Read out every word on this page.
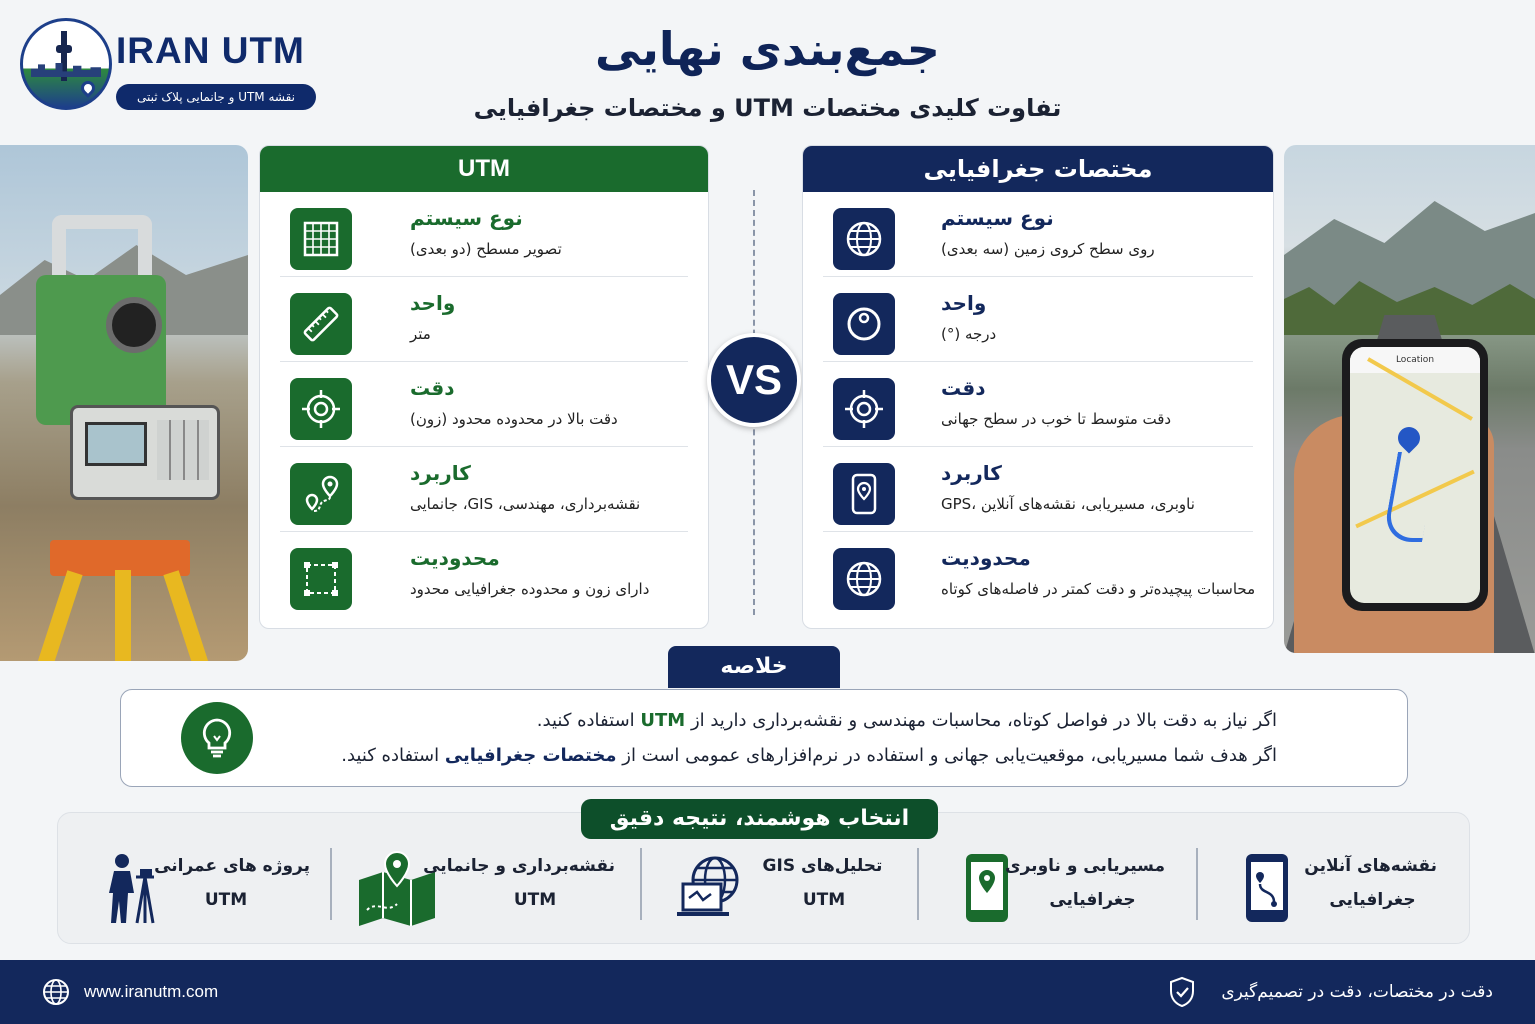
IRAN UTM
نقشه UTM و جانمایی پلاک ثبتی
جمع‌بندی نهایی
تفاوت کلیدی مختصات UTM و مختصات جغرافیایی
Location
UTM
نوع سیستم
تصویر مسطح (دو بعدی)
واحد
متر
دقت
دقت بالا در محدوده محدود (زون)
کاربرد
نقشه‌برداری، مهندسی، GIS، جانمایی
محدودیت
دارای زون و محدوده جغرافیایی محدود
VS
مختصات جغرافیایی
نوع سیستم
روی سطح کروی زمین (سه بعدی)
واحد
درجه (°)
دقت
دقت متوسط تا خوب در سطح جهانی
کاربرد
GPS، ناوبری، مسیریابی، نقشه‌های آنلاین
محدودیت
محاسبات پیچیده‌تر و دقت کمتر در فاصله‌های کوتاه
خلاصه
اگر نیاز به دقت بالا در فواصل کوتاه، محاسبات مهندسی و نقشه‌برداری دارید از UTM استفاده کنید.
اگر هدف شما مسیریابی، موقعیت‌یابی جهانی و استفاده در نرم‌افزارهای عمومی است از مختصات جغرافیایی استفاده کنید.
انتخاب هوشمند، نتیجه دقیق
پروژه‌ های عمرانی
UTM
نقشه‌برداری و جانمایی
UTM
تحلیل‌های GIS
UTM
مسیریابی و ناوبری
جغرافیایی
نقشه‌های آنلاین
جغرافیایی
www.iranutm.com	دقت در مختصات، دقت در تصمیم‌گیری
